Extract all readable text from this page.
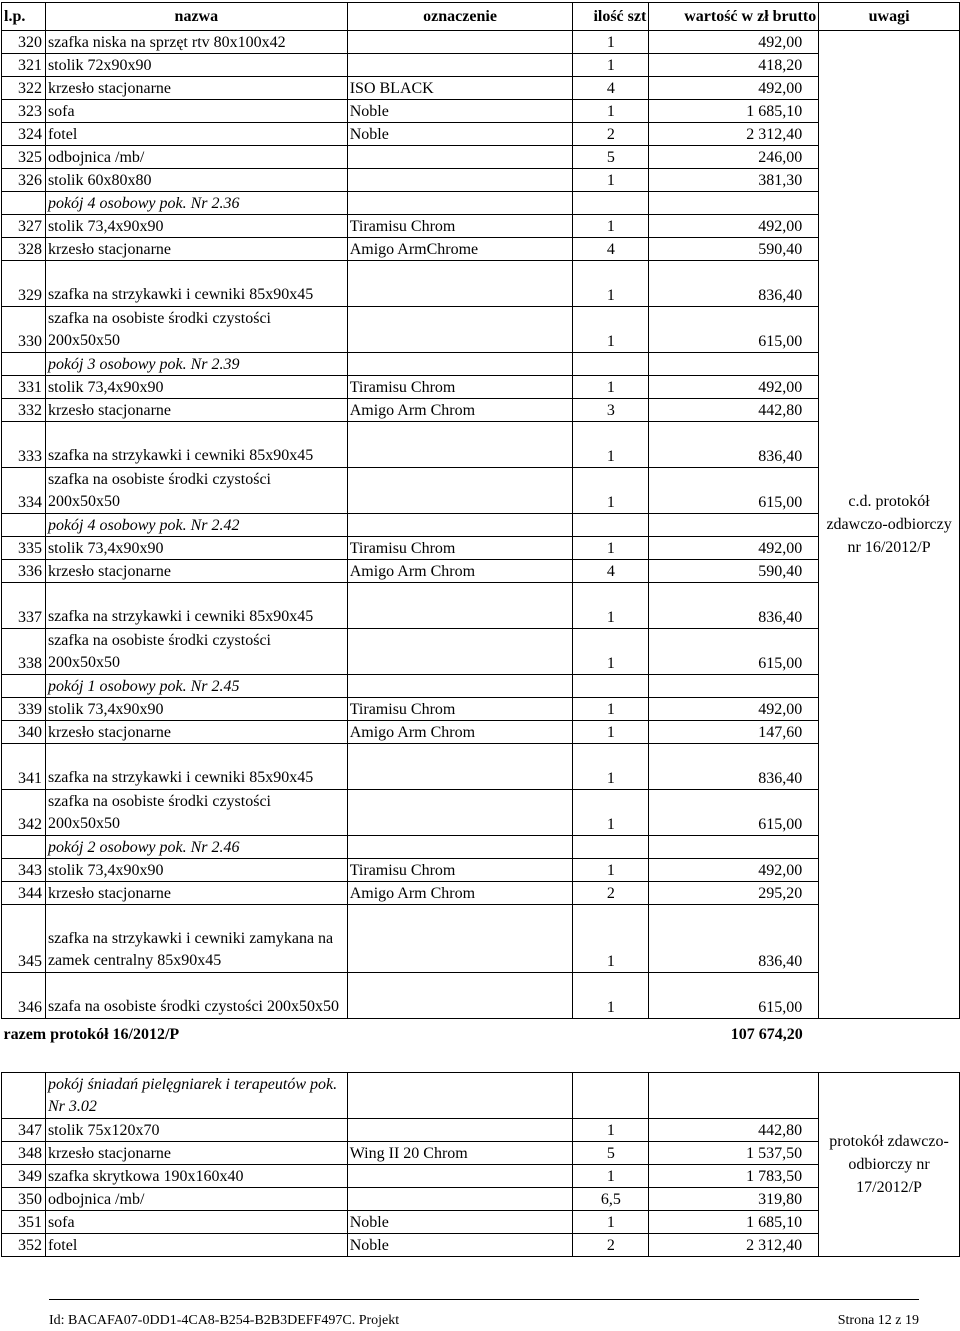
l.p.	nazwa	oznaczenie	ilość szt	wartość w zł brutto	uwagi
320	szafka niska na sprzęt rtv 80x100x42		1	492,00	c.d. protokół zdawczo-odbiorczy nr 16/2012/P
321	stolik 72x90x90		1	418,20	
322	krzesło stacjonarne	ISO BLACK	4	492,00	
323	sofa	Noble	1	1 685,10	
324	fotel	Noble	2	2 312,40	
325	odbojnica /mb/		5	246,00	
326	stolik 60x80x80		1	381,30	
	pokój 4 osobowy pok. Nr 2.36				
327	stolik 73,4x90x90	Tiramisu Chrom	1	492,00	
328	krzesło stacjonarne	Amigo ArmChrome	4	590,40	
329	szafka na strzykawki i cewniki 85x90x45		1	836,40	
330	szafka na osobiste środki czystości 200x50x50		1	615,00	
	pokój 3 osobowy pok. Nr 2.39				
331	stolik 73,4x90x90	Tiramisu Chrom	1	492,00	
332	krzesło stacjonarne	Amigo Arm Chrom	3	442,80	
333	szafka na strzykawki i cewniki 85x90x45		1	836,40	
334	szafka na osobiste środki czystości 200x50x50		1	615,00	
	pokój 4 osobowy pok. Nr 2.42				
335	stolik 73,4x90x90	Tiramisu Chrom	1	492,00	
336	krzesło stacjonarne	Amigo Arm Chrom	4	590,40	
337	szafka na strzykawki i cewniki 85x90x45		1	836,40	
338	szafka na osobiste środki czystości 200x50x50		1	615,00	
	pokój 1 osobowy pok. Nr 2.45				
339	stolik 73,4x90x90	Tiramisu Chrom	1	492,00	
340	krzesło stacjonarne	Amigo Arm Chrom	1	147,60	
341	szafka na strzykawki i cewniki 85x90x45		1	836,40	
342	szafka na osobiste środki czystości 200x50x50		1	615,00	
	pokój 2 osobowy pok. Nr 2.46				
343	stolik 73,4x90x90	Tiramisu Chrom	1	492,00	
344	krzesło stacjonarne	Amigo Arm Chrom	2	295,20	
345	szafka na strzykawki i cewniki zamykana na zamek centralny 85x90x45		1	836,40	
346	szafa na osobiste środki czystości 200x50x50		1	615,00	
razem protokół 16/2012/P				107 674,20	
	pokój śniadań pielęgniarek i terapeutów pok. Nr 3.02				protokół zdawczo-odbiorczy nr 17/2012/P
347	stolik 75x120x70		1	442,80	
348	krzesło stacjonarne	Wing II 20 Chrom	5	1 537,50	
349	szafka skrytkowa 190x160x40		1	1 783,50	
350	odbojnica /mb/		6,5	319,80	
351	sofa	Noble	1	1 685,10	
352	fotel	Noble	2	2 312,40	
Id: BACAFA07-0DD1-4CA8-B254-B2B3DEFF497C. Projekt	Strona 12 z 19
